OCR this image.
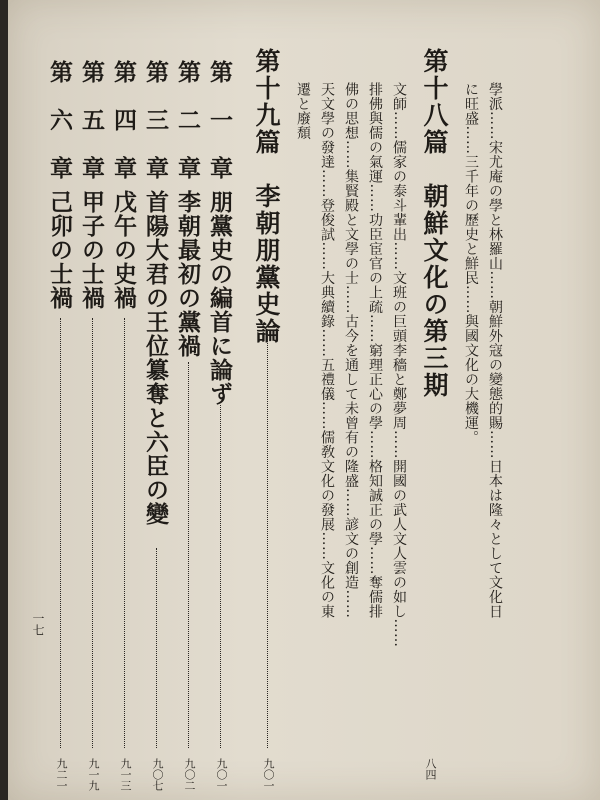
第十八篇　朝鮮文化の第三期	學派……宋尤庵の學と林羅山……朝鮮外寇の變態的賜……日本は隆々として文化日
に旺盛……三千年の歷史と鮮民……與國文化の大機運。
文師……儒家の泰斗輩出……文班の巨頭李穡と鄭夢周……開國の武人文人雲の如し……
排佛與儒の氣運……功臣宦官の上疏……窮理正心の學……格知誠正の學……奪儒排
佛の思想……集賢殿と文學の士……古今を通して未曾有の隆盛……諺文の創造……
天文學の發達……登俊試……大典續錄……五禮儀……儒敎文化の發展……文化の東
遷と廢頹
八四
第十九篇　李朝朋黨史論
九〇一
第　一　章
朋黨史の編首に論ず
九〇一
第　二　章
李朝最初の黨禍
九〇二
第　三　章
首陽大君の王位簒奪と六臣の變
九〇七
第　四　章
戊午の史禍
九一三
第　五　章
甲子の士禍
九一九
第　六　章
己卯の士禍
九二一
一七
